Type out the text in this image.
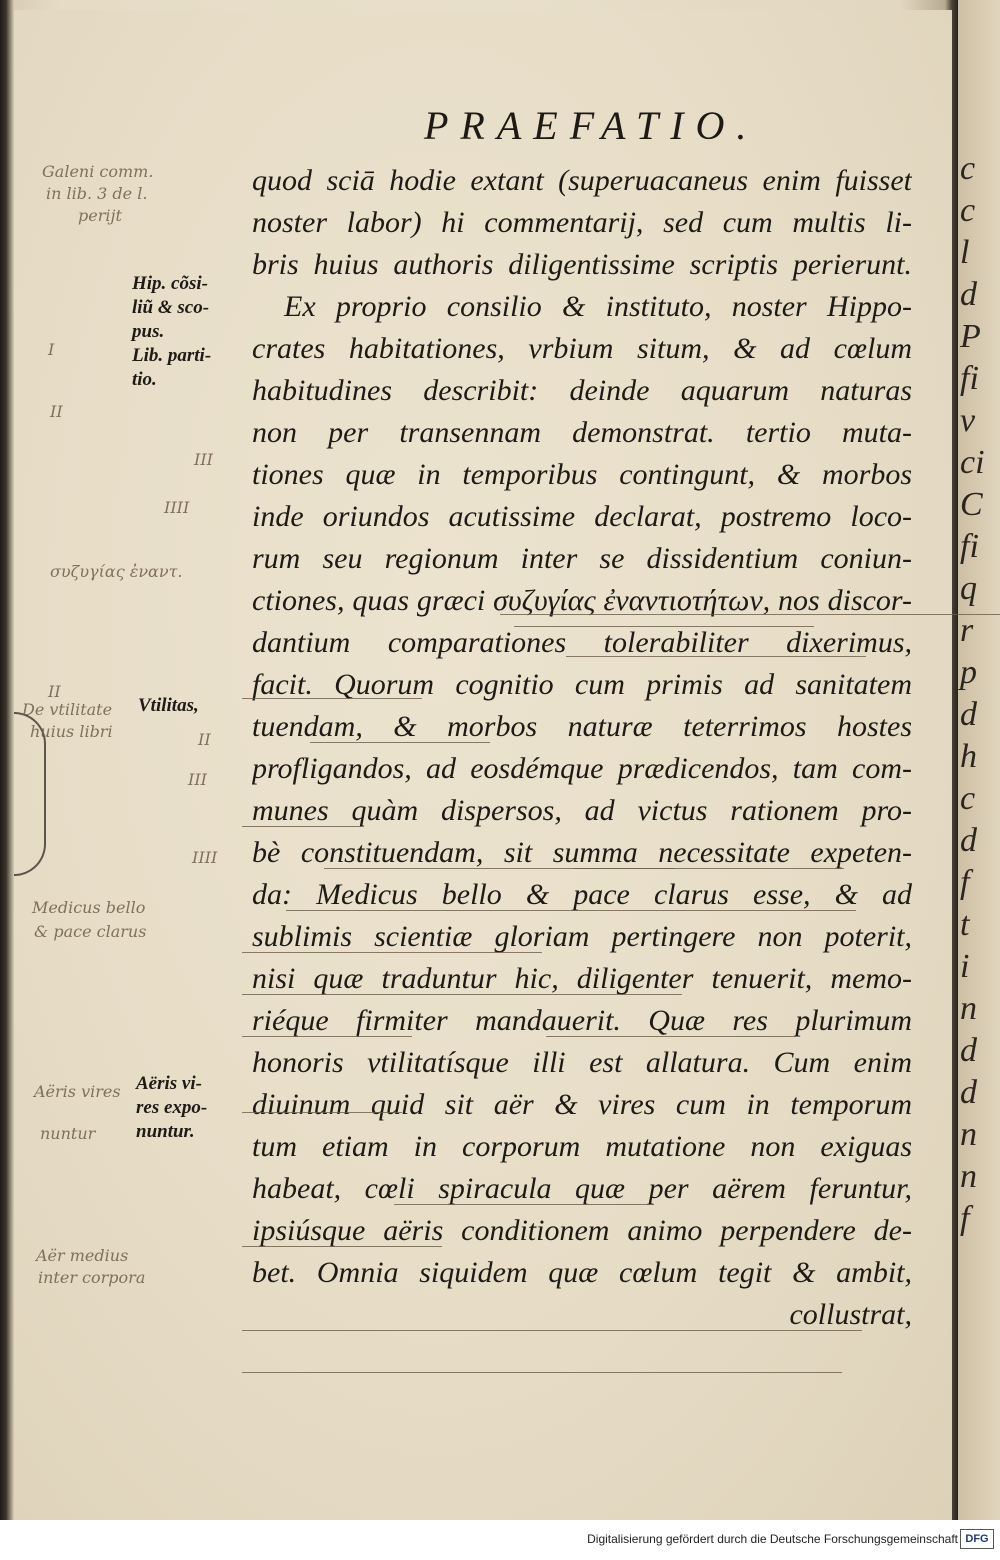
c
c
l
d
P
fi
v
ci
C
fi
q
r
p
d
h
c
d
f
t
i
n
d
d
n
n
f
PRAEFATIO.
quod sciā hodie extant (superuacaneus enim fuisset
noster labor) hi commentarij, sed cum multis li-
bris huius authoris diligentissime scriptis perierunt.
Ex proprio consilio & instituto, noster Hippo-
crates habitationes, vrbium situm, & ad cœlum
habitudines describit: deinde aquarum naturas
non per transennam demonstrat. tertio muta-
tiones quæ in temporibus contingunt, & morbos
inde oriundos acutissime declarat, postremo loco-
rum seu regionum inter se dissidentium coniun-
ctiones, quas græci συζυγίας ἐναντιοτήτων, nos discor-
dantium comparationes tolerabiliter dixerimus,
facit. Quorum cognitio cum primis ad sanitatem
tuendam, & morbos naturæ teterrimos hostes
profligandos, ad eosdémque prædicendos, tam com-
munes quàm dispersos, ad victus rationem pro-
bè constituendam, sit summa necessitate expeten-
da: Medicus bello & pace clarus esse, & ad
sublimis scientiæ gloriam pertingere non poterit,
nisi quæ traduntur hic, diligenter tenuerit, memo-
riéque firmiter mandauerit. Quæ res plurimum
honoris vtilitatísque illi est allatura. Cum enim
diuinum quid sit aër & vires cum in temporum
tum etiam in corporum mutatione non exiguas
habeat, cœli spiracula quæ per aërem feruntur,
ipsiúsque aëris conditionem animo perpendere de-
bet. Omnia siquidem quæ cœlum tegit & ambit,
collustrat,
Hip. cõsi-
liũ & sco-
pus.
Lib. parti-
tio.
Vtilitas,
Aëris vi-
res expo-
nuntur.
Galeni comm.
in lib. 3 de l.
perijt
I
II
III
IIII
συζυγίας ἐναντ.
II
De vtilitate
huius libri	II
III
IIII
Medicus bello
& pace clarus
Aëris vires
nuntur
Aër medius
inter corpora
Digitalisierung gefördert durch die Deutsche Forschungsgemeinschaft DFG
